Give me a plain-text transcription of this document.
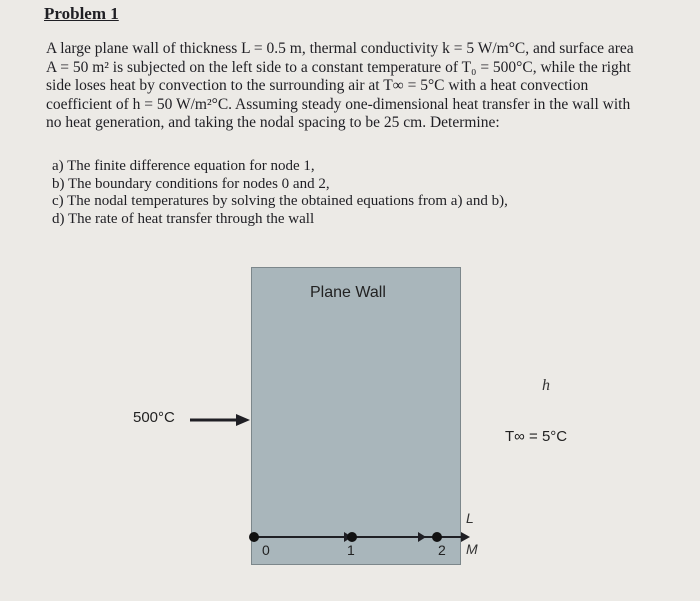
Problem 1

A large plane wall of thickness L = 0.5 m, thermal conductivity k = 5 W/m°C, and surface area

A = 50 m² is subjected on the left side to a constant temperature of T₀ = 500°C, while the right

side loses heat by convection to the surrounding air at T∞ = 5°C with a heat convection

coefficient of h = 50 W/m²°C. Assuming steady one-dimensional heat transfer in the wall with

no heat generation, and taking the nodal spacing to be 25 cm. Determine:

a) The finite difference equation for node 1,
b) The boundary conditions for nodes 0 and 2,
c) The nodal temperatures by solving the obtained equations from a) and b),
d) The rate of heat transfer through the wall
Plane Wall
500°C
h
T∞ = 5°C
0	1	2
L
M
